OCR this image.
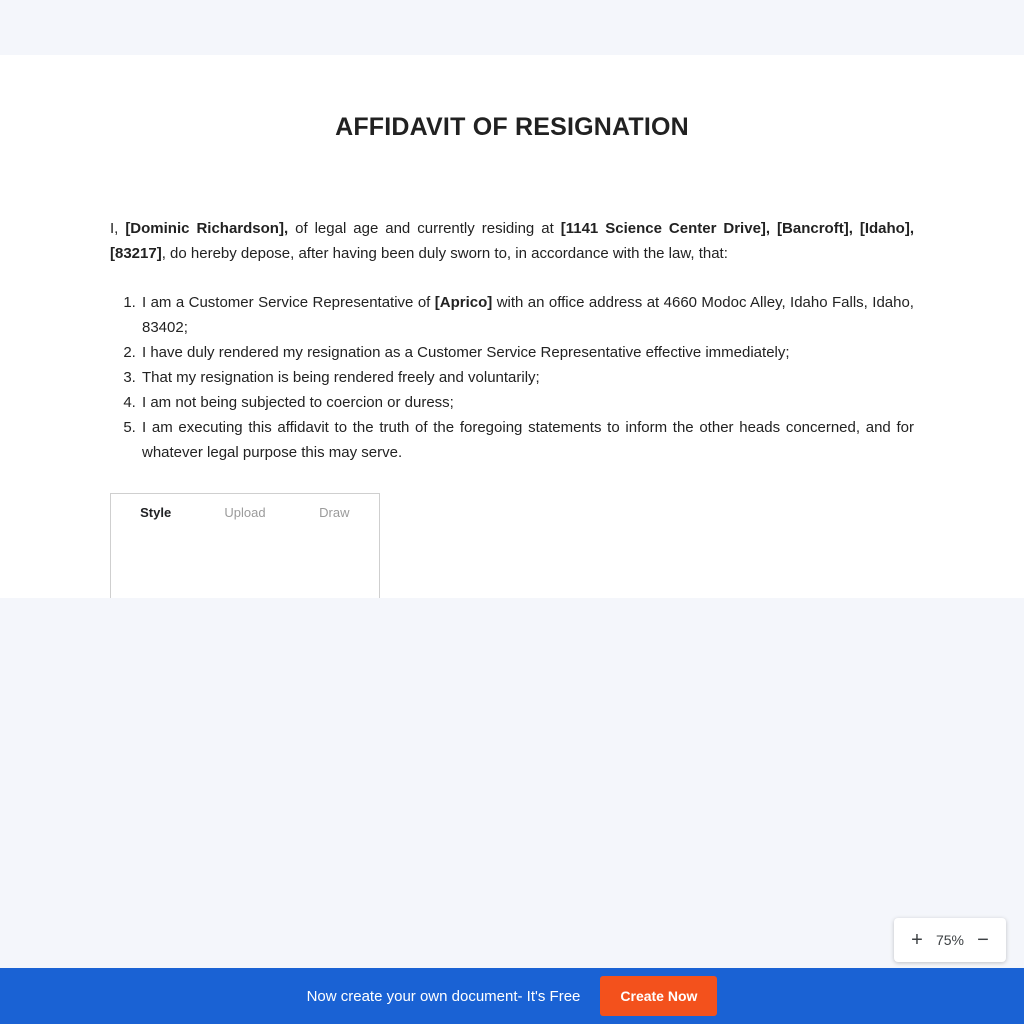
AFFIDAVIT OF RESIGNATION

I, [Dominic Richardson], of legal age and currently residing at [1141 Science Center Drive], [Bancroft], [Idaho], [83217], do hereby depose, after having been duly sworn to, in accordance with the law, that:

1. I am a Customer Service Representative of [Aprico] with an office address at 4660 Modoc Alley, Idaho Falls, Idaho, 83402;
2. I have duly rendered my resignation as a Customer Service Representative effective immediately;
3. That my resignation is being rendered freely and voluntarily;
4. I am not being subjected to coercion or duress;
5. I am executing this affidavit to the truth of the foregoing statements to inform the other heads concerned, and for whatever legal purpose this may serve.
Style	Upload	Draw
+ 75% −
Now create your own document- It's Free	Create Now
